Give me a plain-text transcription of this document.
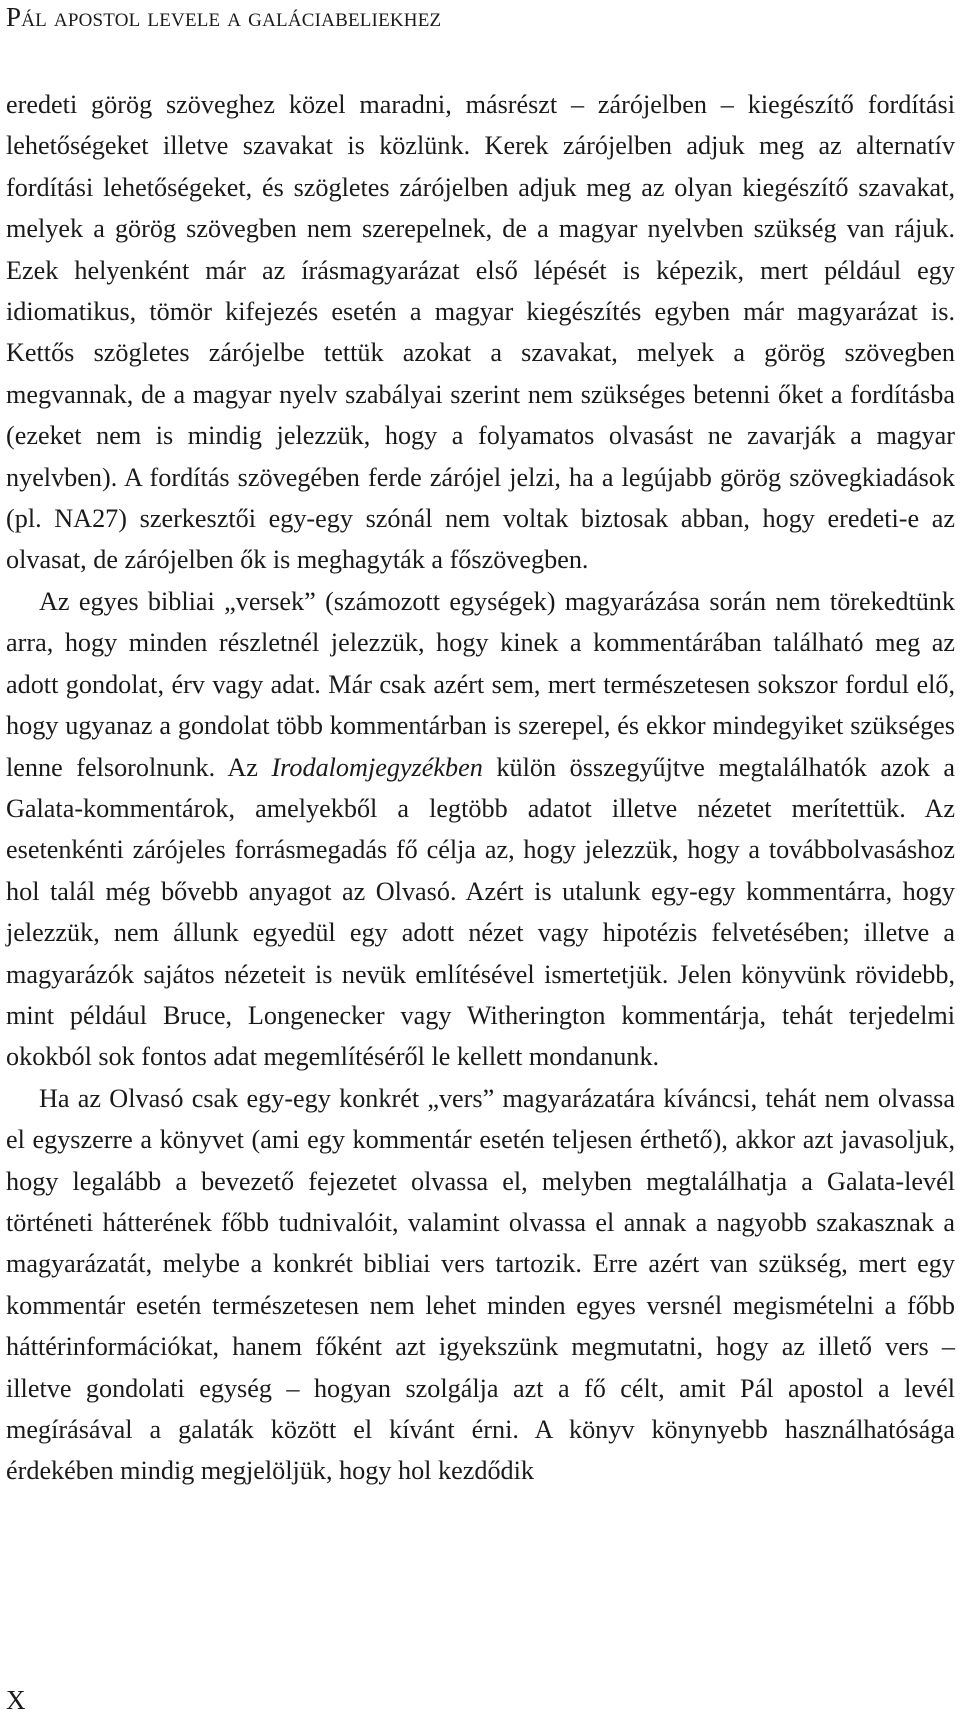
Pál apostol levele a galáciabeliekhez

eredeti görög szöveghez közel maradni, másrészt – zárójelben – kiegészítő fordítási lehetőségeket illetve szavakat is közlünk. Kerek zárójelben adjuk meg az alternatív fordítási lehetőségeket, és szögletes zárójelben adjuk meg az olyan kiegészítő szavakat, melyek a görög szövegben nem szerepelnek, de a magyar nyelvben szükség van rájuk. Ezek helyenként már az írásmagyarázat első lépését is képezik, mert például egy idiomatikus, tömör kifejezés esetén a magyar kiegészítés egyben már magyarázat is. Kettős szögletes zárójelbe tettük azokat a szavakat, melyek a görög szövegben megvannak, de a magyar nyelv szabályai szerint nem szükséges betenni őket a fordításba (ezeket nem is mindig jelezzük, hogy a folyamatos olvasást ne zavarják a magyar nyelvben). A fordítás szövegében ferde zárójel jelzi, ha a legújabb görög szövegkiadások (pl. NA27) szerkesztői egy-egy szónál nem voltak biztosak abban, hogy eredeti-e az olvasat, de zárójelben ők is meghagyták a főszövegben.

Az egyes bibliai „versek” (számozott egységek) magyarázása során nem törekedtünk arra, hogy minden részletnél jelezzük, hogy kinek a kommentárában található meg az adott gondolat, érv vagy adat. Már csak azért sem, mert természetesen sokszor fordul elő, hogy ugyanaz a gondolat több kommentárban is szerepel, és ekkor mindegyiket szükséges lenne felsorolnunk. Az Irodalomjegyzékben külön összegyűjtve megtalálhatók azok a Galata-kommentárok, amelyekből a legtöbb adatot illetve nézetet merítettük. Az esetenkénti zárójeles forrásmegadás fő célja az, hogy jelezzük, hogy a továbbolvasáshoz hol talál még bővebb anyagot az Olvasó. Azért is utalunk egy-egy kommentárra, hogy jelezzük, nem állunk egyedül egy adott nézet vagy hipotézis felvetésében; illetve a magyarázók sajátos nézeteit is nevük említésével ismertetjük. Jelen könyvünk rövidebb, mint például Bruce, Longenecker vagy Witherington kommentárja, tehát terjedelmi okokból sok fontos adat megemlítéséről le kellett mondanunk.

Ha az Olvasó csak egy-egy konkrét „vers” magyarázatára kíváncsi, tehát nem olvassa el egyszerre a könyvet (ami egy kommentár esetén teljesen érthető), akkor azt javasoljuk, hogy legalább a bevezető fejezetet olvassa el, melyben megtalálhatja a Galata-levél történeti hátterének főbb tudnivalóit, valamint olvassa el annak a nagyobb szakasznak a magyarázatát, melybe a konkrét bibliai vers tartozik. Erre azért van szükség, mert egy kommentár esetén természetesen nem lehet minden egyes versnél megismételni a főbb háttérinformációkat, hanem főként azt igyekszünk megmutatni, hogy az illető vers – illetve gondolati egység – hogyan szolgálja azt a fő célt, amit Pál apostol a levél megírásával a galaták között el kívánt érni. A könyv könynyebb használhatósága érdekében mindig megjelöljük, hogy hol kezdődik

X
